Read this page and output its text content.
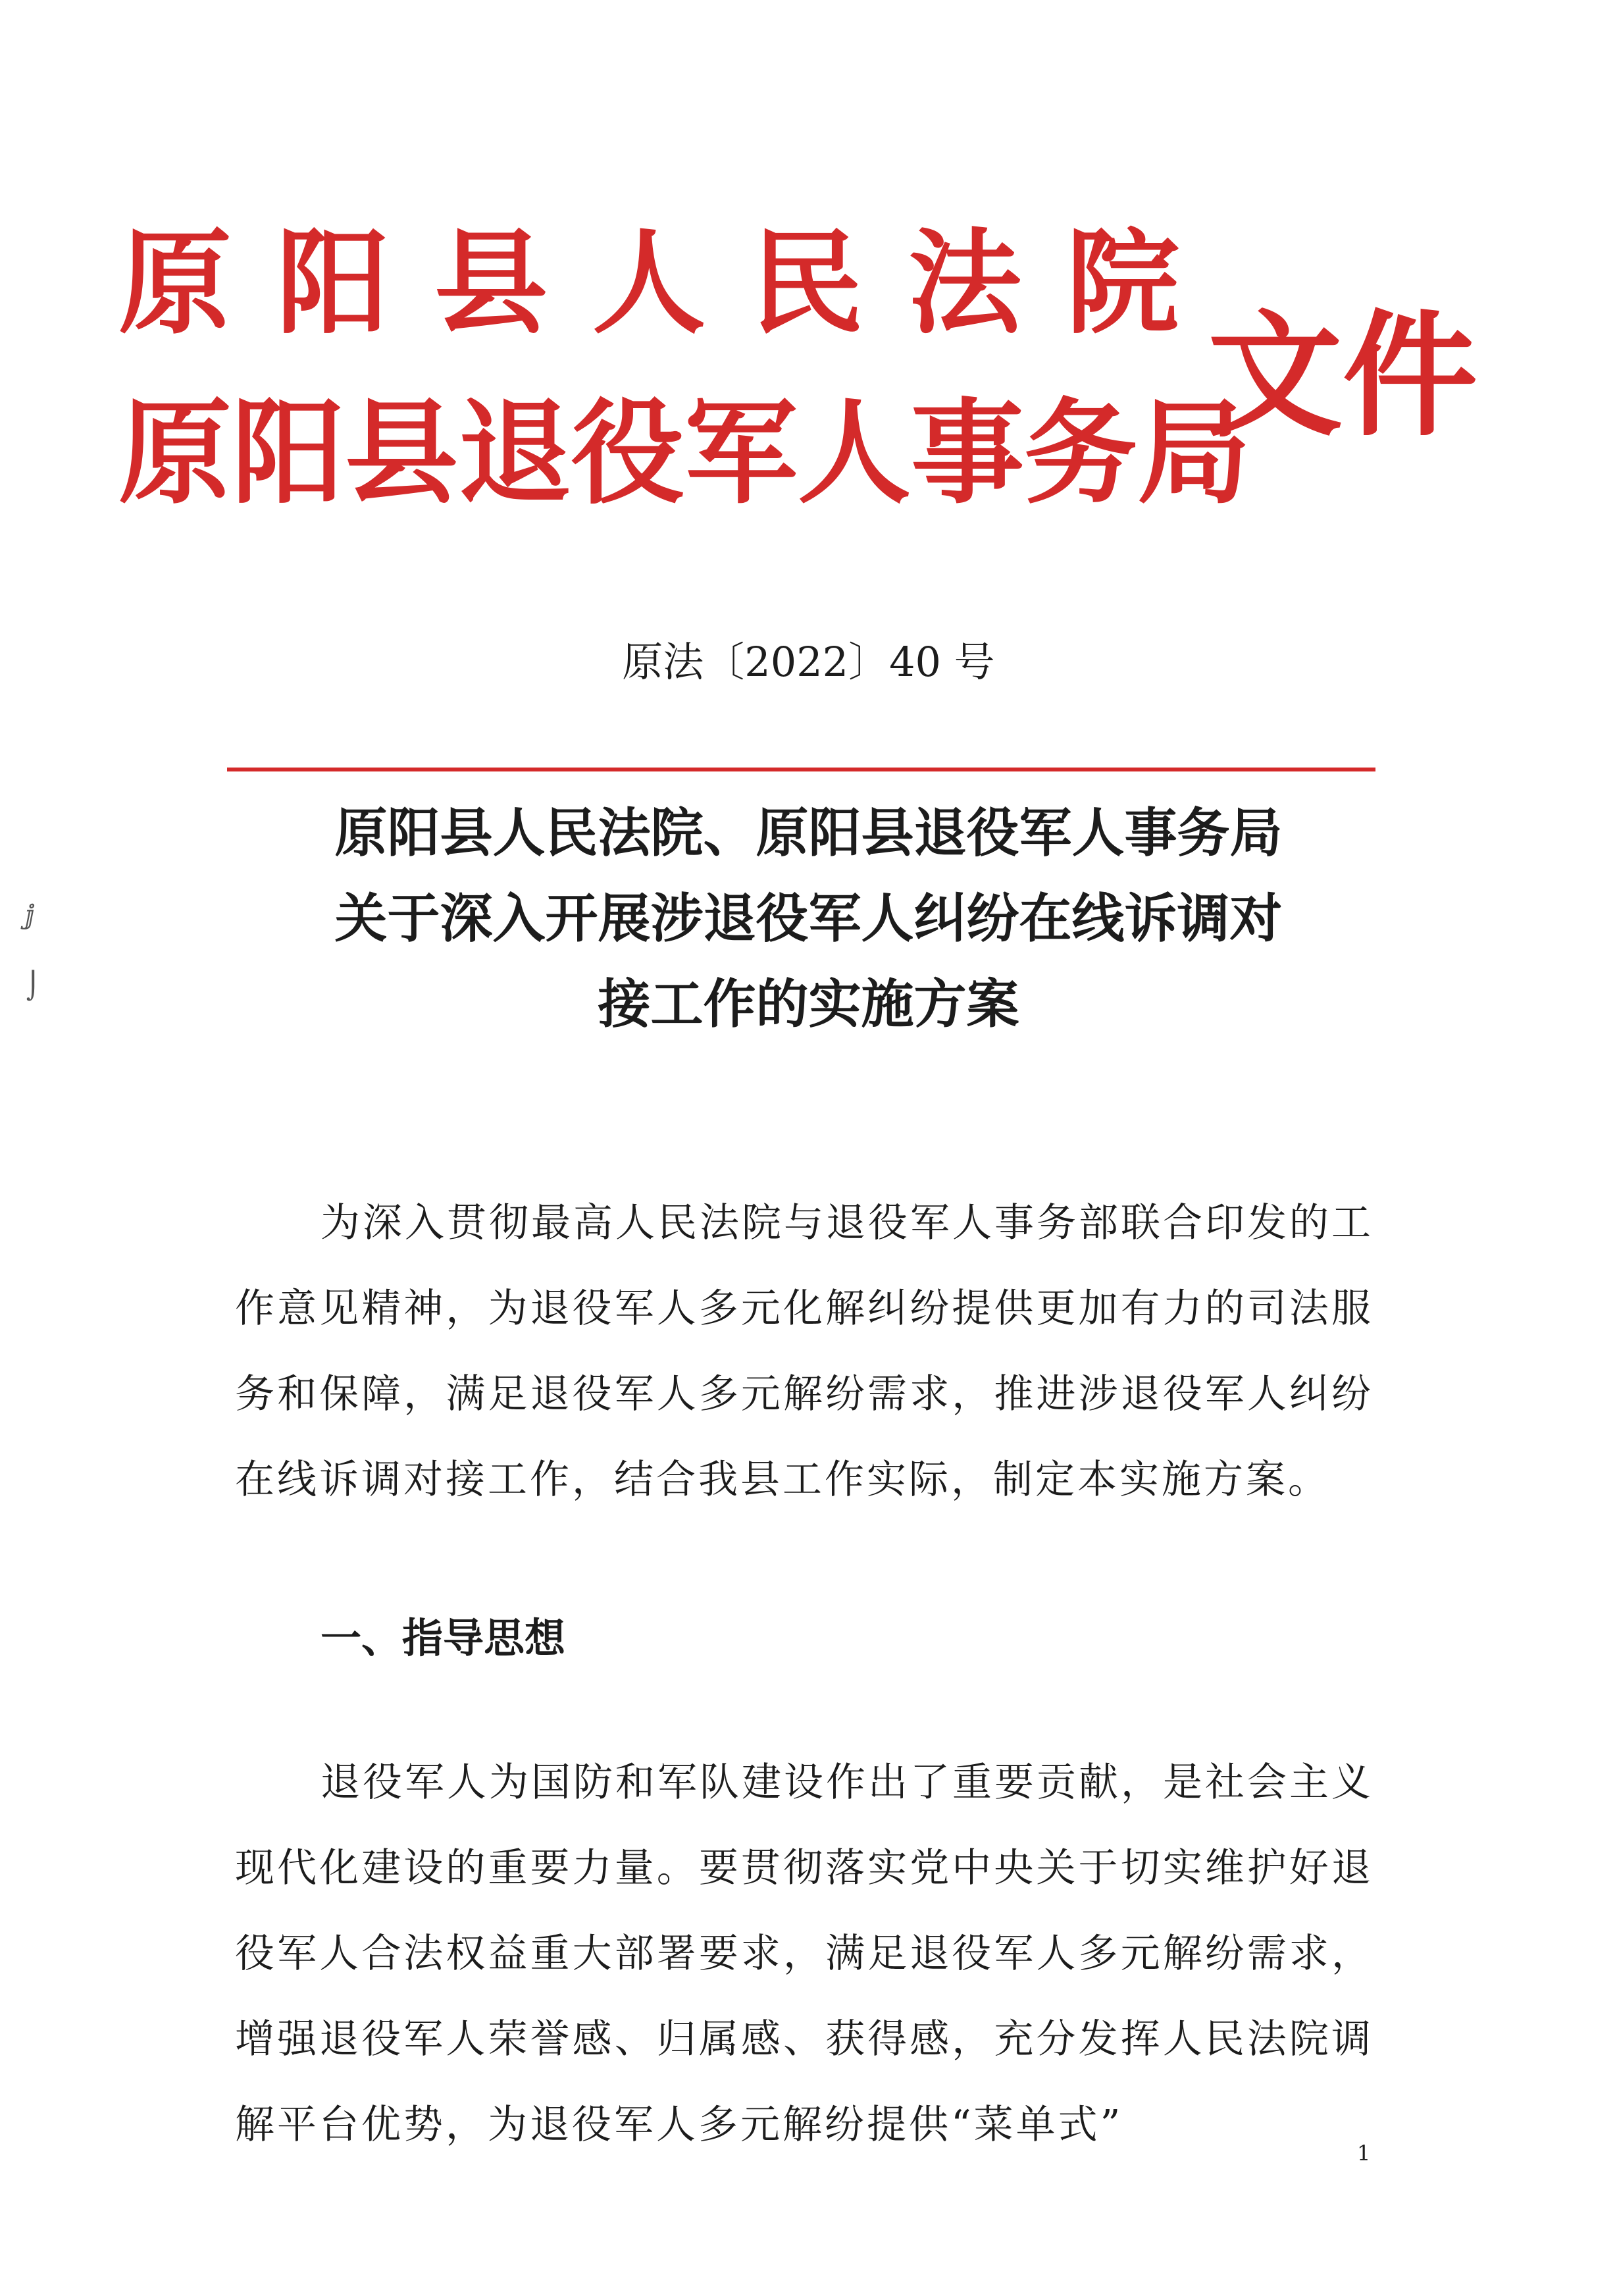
原阳县人民法院
原阳县退役军人事务局
文件
原法〔2022〕40 号
原阳县人民法院、原阳县退役军人事务局
关于深入开展涉退役军人纠纷在线诉调对
接工作的实施方案

为深入贯彻最高人民法院与退役军人事务部联合印发的工作意见精神，为退役军人多元化解纠纷提供更加有力的司法服务和保障，满足退役军人多元解纷需求，推进涉退役军人纠纷在线诉调对接工作，结合我县工作实际，制定本实施方案。

一、指导思想

退役军人为国防和军队建设作出了重要贡献，是社会主义现代化建设的重要力量。要贯彻落实党中央关于切实维护好退役军人合法权益重大部署要求，满足退役军人多元解纷需求，增强退役军人荣誉感、归属感、获得感，充分发挥人民法院调解平台优势，为退役军人多元解纷提供“菜单式”

1
ⅉ
⌡
